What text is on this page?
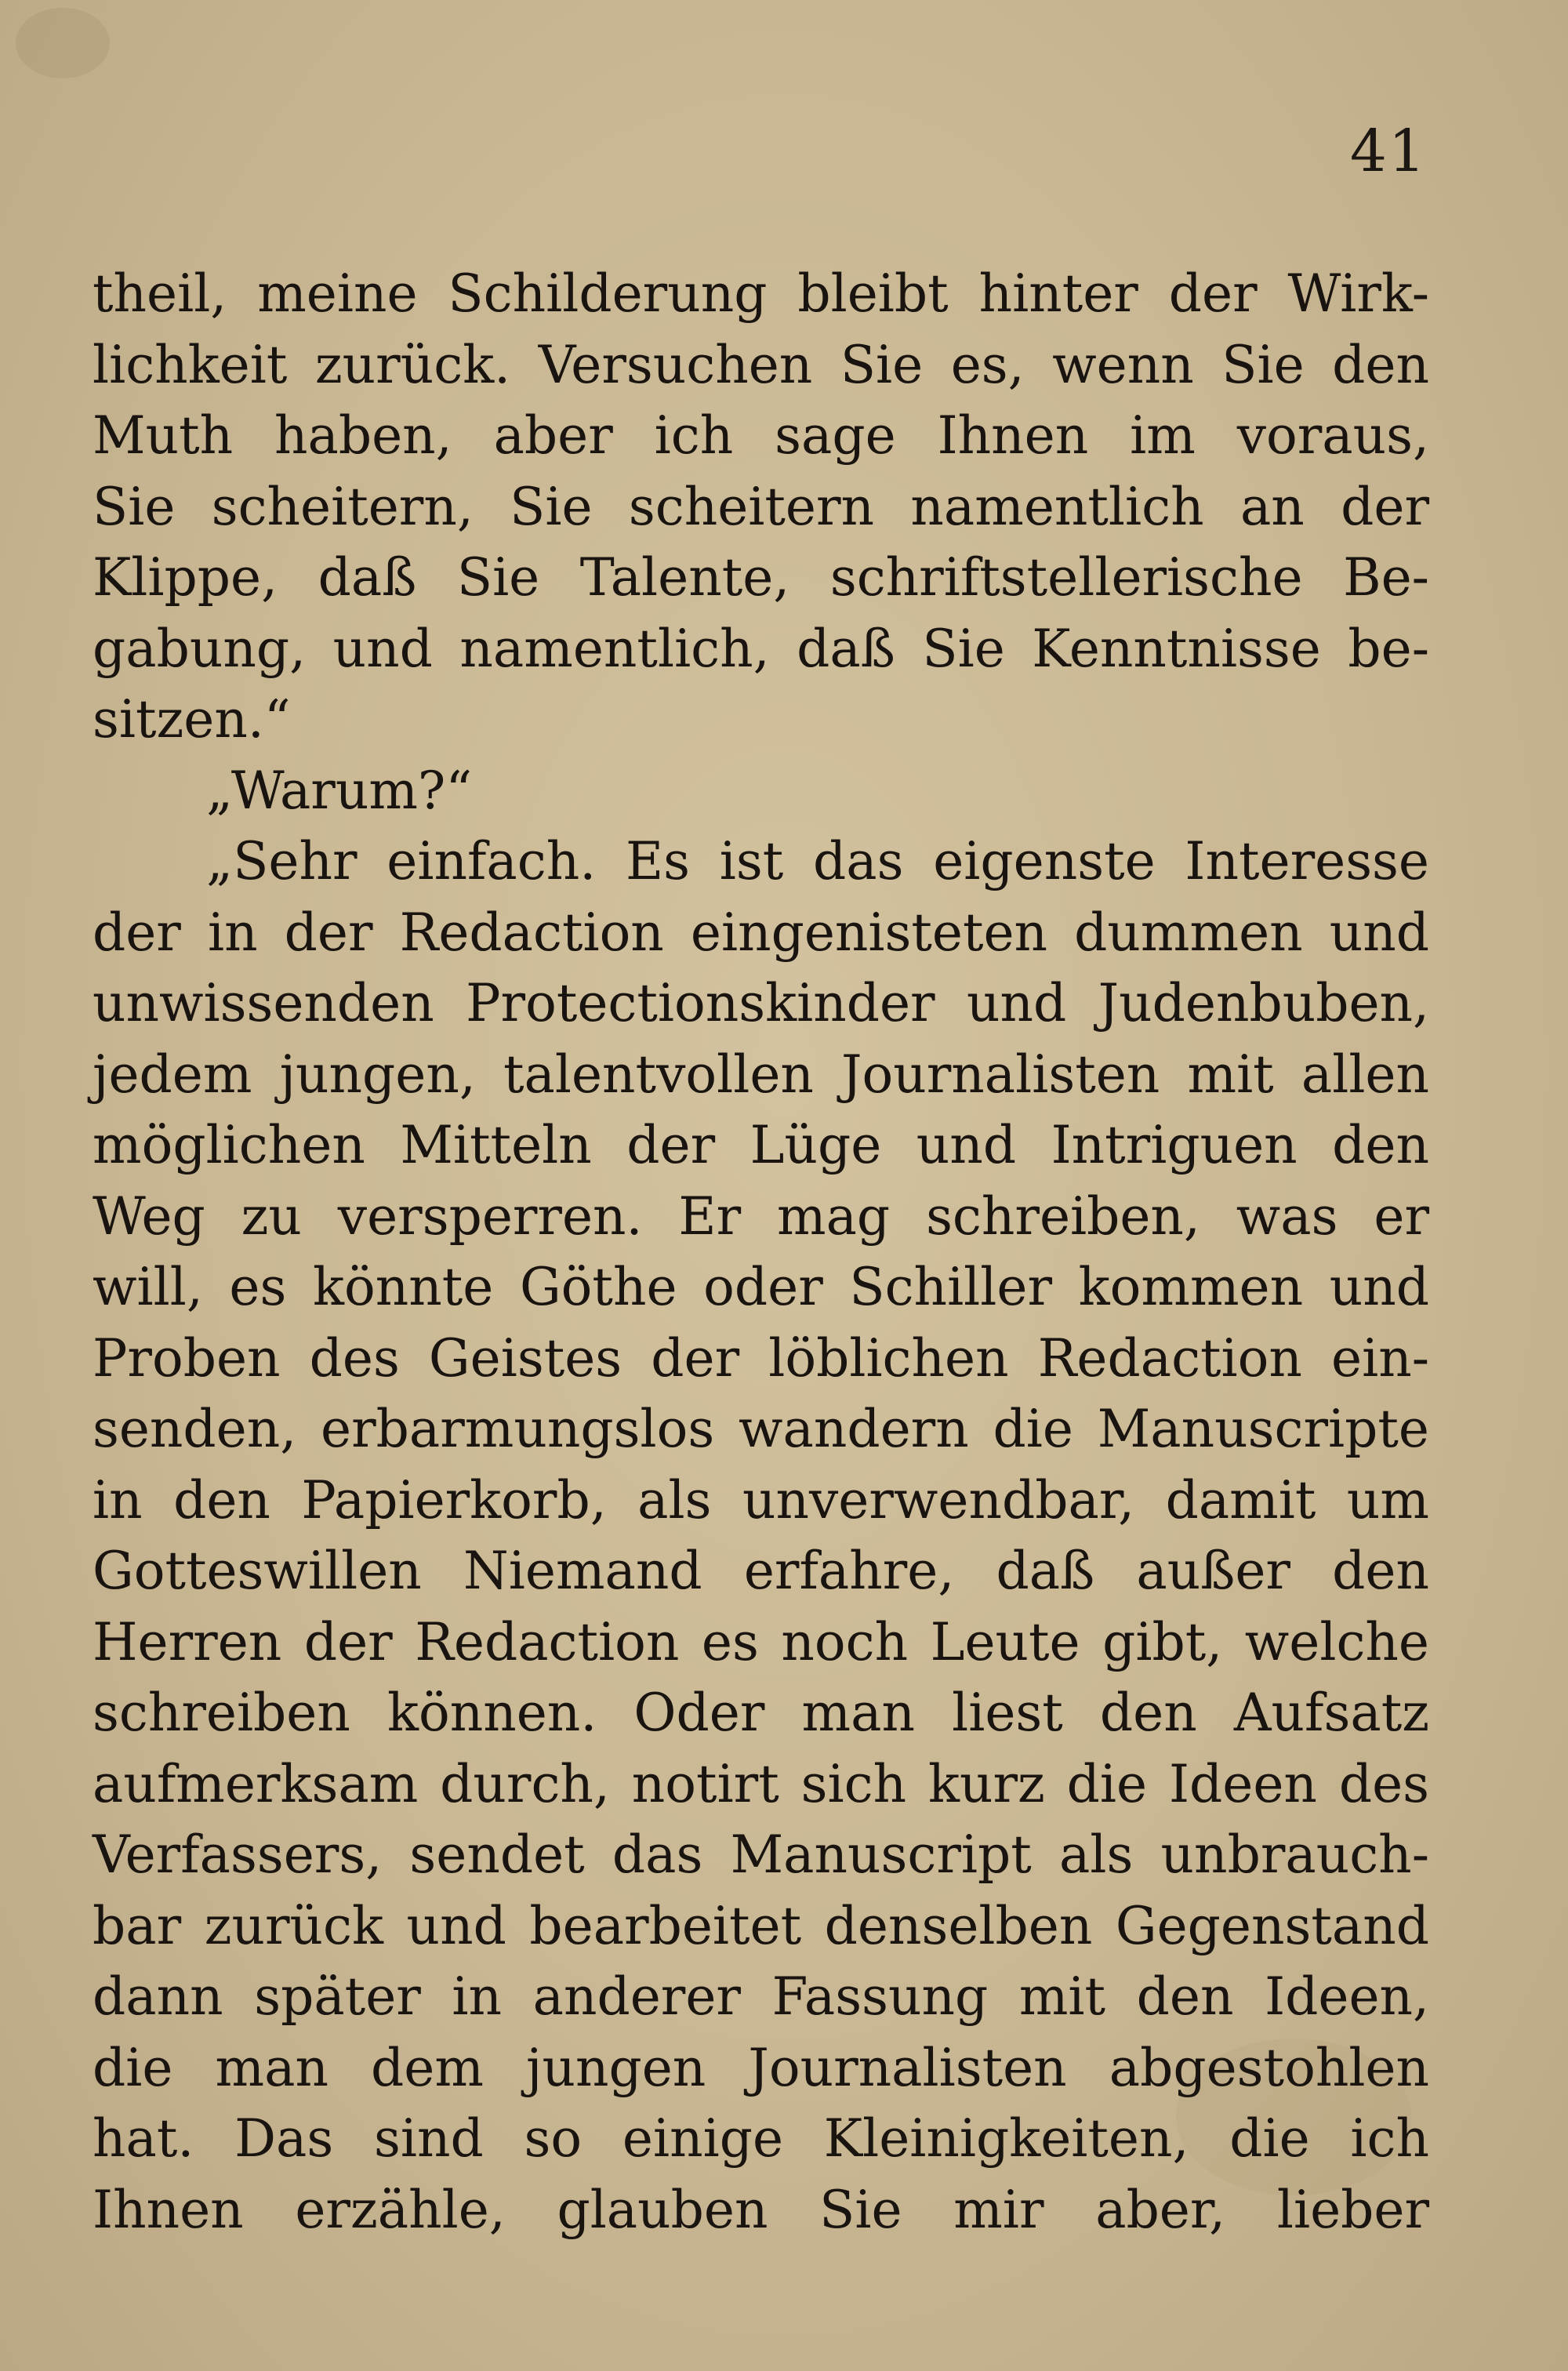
41
theil, meine Schilderung bleibt hinter der Wirk-
lichkeit zurück. Versuchen Sie es, wenn Sie den
Muth haben, aber ich sage Ihnen im voraus,
Sie scheitern, Sie scheitern namentlich an der
Klippe, daß Sie Talente, schriftstellerische Be-
gabung, und namentlich, daß Sie Kenntnisse be-
sitzen.“
„Warum?“
„Sehr einfach. Es ist das eigenste Interesse
der in der Redaction eingenisteten dummen und
unwissenden Protectionskinder und Judenbuben,
jedem jungen, talentvollen Journalisten mit allen
möglichen Mitteln der Lüge und Intriguen den
Weg zu versperren. Er mag schreiben, was er
will, es könnte Göthe oder Schiller kommen und
Proben des Geistes der löblichen Redaction ein-
senden, erbarmungslos wandern die Manuscripte
in den Papierkorb, als unverwendbar, damit um
Gotteswillen Niemand erfahre, daß außer den
Herren der Redaction es noch Leute gibt, welche
schreiben können. Oder man liest den Aufsatz
aufmerksam durch, notirt sich kurz die Ideen des
Verfassers, sendet das Manuscript als unbrauch-
bar zurück und bearbeitet denselben Gegenstand
dann später in anderer Fassung mit den Ideen,
die man dem jungen Journalisten abgestohlen
hat. Das sind so einige Kleinigkeiten, die ich
Ihnen erzähle, glauben Sie mir aber, lieber
